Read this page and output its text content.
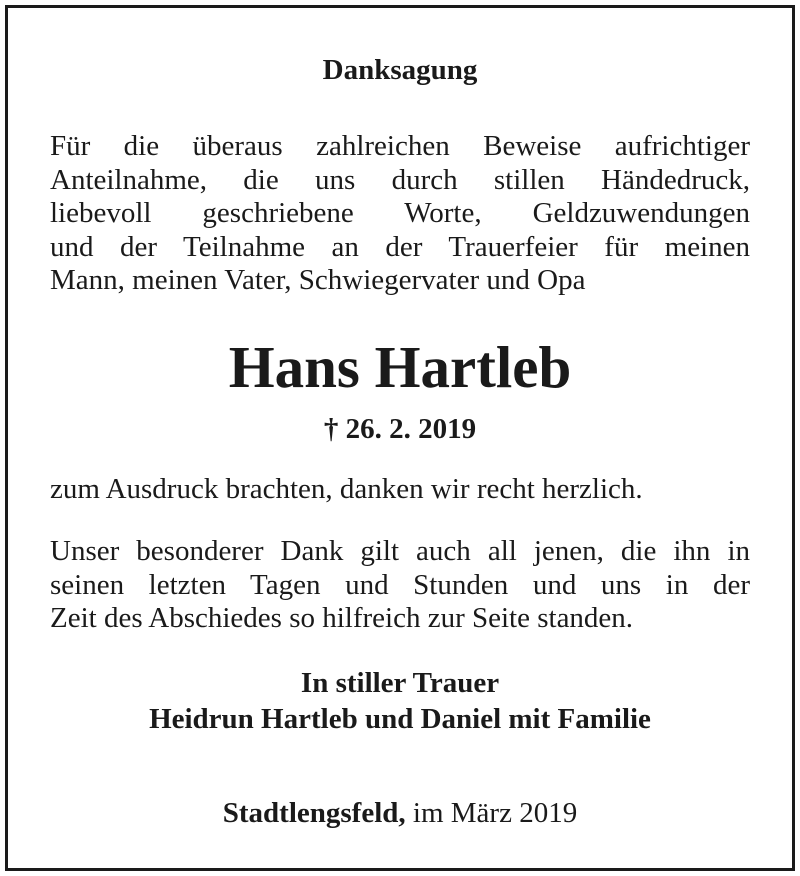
Danksagung

Für die überaus zahlreichen Beweise aufrichtiger
Anteilnahme, die uns durch stillen Händedruck,
liebevoll geschriebene Worte, Geldzuwendungen
und der Teilnahme an der Trauerfeier für meinen
Mann, meinen Vater, Schwiegervater und Opa

Hans Hartleb

† 26. 2. 2019

zum Ausdruck brachten, danken wir recht herzlich.

Unser besonderer Dank gilt auch all jenen, die ihn in
seinen letzten Tagen und Stunden und uns in der
Zeit des Abschiedes so hilfreich zur Seite standen.

In stiller Trauer
Heidrun Hartleb und Daniel mit Familie

Stadtlengsfeld, im März 2019
